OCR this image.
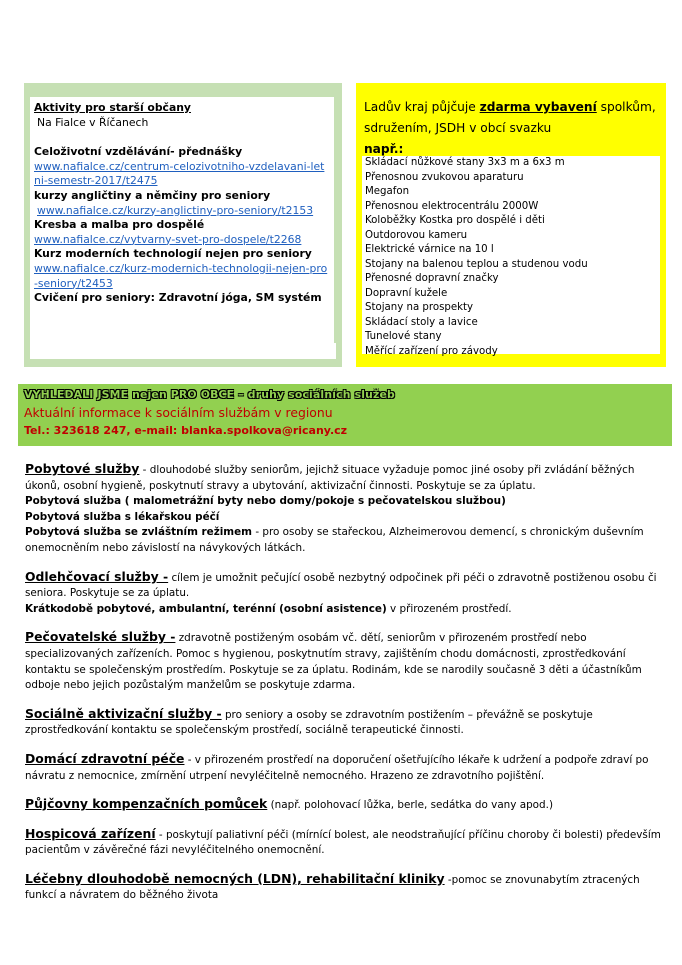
Aktivity pro starší občany
Na Fialce v Říčanech
Celoživotní vzdělávání- přednášky
www.nafialce.cz/centrum-celozivotniho-vzdelavani-letni-semestr-2017/t2475
kurzy angličtiny a němčiny pro seniory
www.nafialce.cz/kurzy-anglictiny-pro-seniory/t2153
Kresba a malba pro dospělé
www.nafialce.cz/vytvarny-svet-pro-dospele/t2268
Kurz moderních technologií nejen pro seniory
www.nafialce.cz/kurz-modernich-technologii-nejen-pro-seniory/t2453
Cvičení pro seniory: Zdravotní jóga, SM systém
Ladův kraj půjčuje zdarma vybavení spolkům, sdružením, JSDH v obcí svazku
např.:
Skládací nůžkové stany 3x3 m a 6x3 m
Přenosnou zvukovou aparaturu
Megafon
Přenosnou elektrocentrálu 2000W
Koloběžky Kostka pro dospělé i děti
Outdorovou kameru
Elektrické várnice na 10 l
Stojany na balenou teplou a studenou vodu
Přenosné dopravní značky
Dopravní kužele
Stojany na prospekty
Skládací stoly a lavice
Tunelové stany
Měřící zařízení pro závody
VYHLEDALI JSME nejen PRO OBCE – druhy sociálních služeb
Aktuální informace k sociálním službám v regionu
Tel.: 323618 247, e-mail: blanka.spolkova@ricany.cz
Pobytové služby - dlouhodobé služby seniorům, jejichž situace vyžaduje pomoc jiné osoby při zvládání běžných úkonů, osobní hygieně, poskytnutí stravy a ubytování, aktivizační činnosti. Poskytuje se za úplatu.
Pobytová služba ( malometrážní byty nebo domy/pokoje s pečovatelskou službou)
Pobytová služba s lékařskou péčí
Pobytová služba se zvláštním režimem - pro osoby se stařeckou, Alzheimerovou demencí, s chronickým duševním onemocněním nebo závislostí na návykových látkách.
Odlehčovací služby - cílem je umožnit pečující osobě nezbytný odpočinek při péči o zdravotně postiženou osobu či seniora. Poskytuje se za úplatu.
Krátkodobě pobytové, ambulantní, terénní (osobní asistence) v přirozeném prostředí.
Pečovatelské služby - zdravotně postiženým osobám vč. dětí, seniorům v přirozeném prostředí nebo specializovaných zařízeních. Pomoc s hygienou, poskytnutím stravy, zajištěním chodu domácnosti, zprostředkování kontaktu se společenským prostředím. Poskytuje se za úplatu. Rodinám, kde se narodily současně 3 děti a účastníkům odboje nebo jejich pozůstalým manželům se poskytuje zdarma.
Sociálně aktivizační služby - pro seniory a osoby se zdravotním postižením – převážně se poskytuje zprostředkování kontaktu se společenským prostředí, sociálně terapeutické činnosti.
Domácí zdravotní péče - v přirozeném prostředí na doporučení ošetřujícího lékaře k udržení a podpoře zdraví po návratu z nemocnice, zmírnění utrpení nevyléčitelně nemocného. Hrazeno ze zdravotního pojištění.
Půjčovny kompenzačních pomůcek (např. polohovací lůžka, berle, sedátka do vany apod.)
Hospicová zařízení - poskytují paliativní péči (mírnící bolest, ale neodstraňující příčinu choroby či bolesti) především pacientům v závěrečné fázi nevyléčitelného onemocnění.
Léčebny dlouhodobě nemocných (LDN), rehabilitační kliniky -pomoc se znovunabytím ztracených funkcí a návratem do běžného života
